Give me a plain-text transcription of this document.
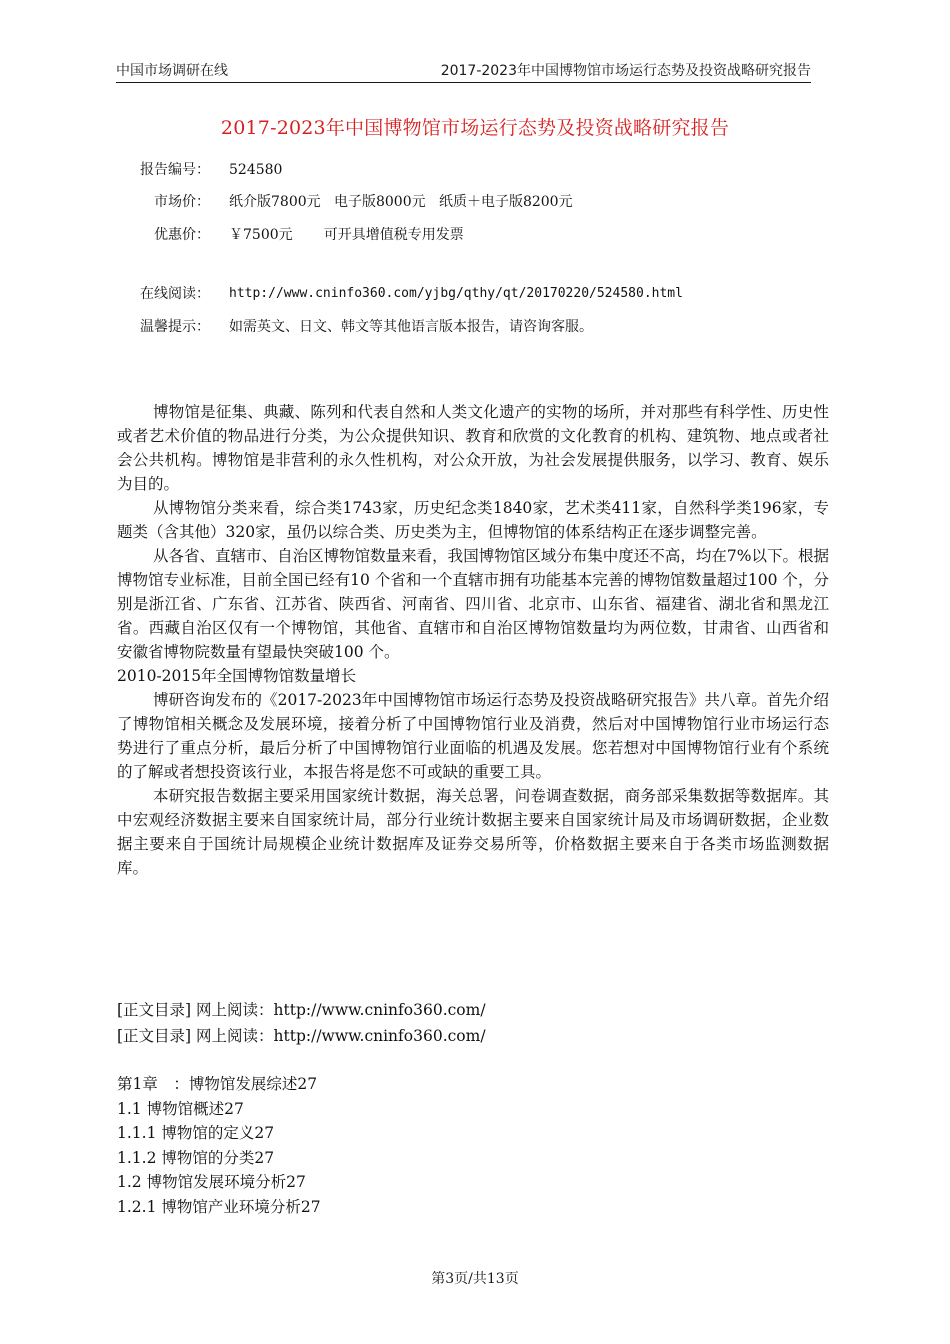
中国市场调研在线	2017-2023年中国博物馆市场运行态势及投资战略研究报告
2017-2023年中国博物馆市场运行态势及投资战略研究报告
报告编号： 524580
市场价： 纸介版7800元   电子版8000元   纸质＋电子版8200元
优惠价： ￥7500元       可开具增值税专用发票
在线阅读： http://www.cninfo360.com/yjbg/qthy/qt/20170220/524580.html
温馨提示： 如需英文、日文、韩文等其他语言版本报告，请咨询客服。

博物馆是征集、典藏、陈列和代表自然和人类文化遗产的实物的场所，并对那些有科学性、历史性或者艺术价值的物品进行分类，为公众提供知识、教育和欣赏的文化教育的机构、建筑物、地点或者社会公共机构。博物馆是非营利的永久性机构，对公众开放，为社会发展提供服务，以学习、教育、娱乐为目的。

从博物馆分类来看，综合类1743家，历史纪念类1840家，艺术类411家，自然科学类196家，专题类（含其他）320家，虽仍以综合类、历史类为主，但博物馆的体系结构正在逐步调整完善。

从各省、直辖市、自治区博物馆数量来看，我国博物馆区域分布集中度还不高，均在7%以下。根据博物馆专业标准，目前全国已经有10 个省和一个直辖市拥有功能基本完善的博物馆数量超过100 个，分别是浙江省、广东省、江苏省、陕西省、河南省、四川省、北京市、山东省、福建省、湖北省和黑龙江省。西藏自治区仅有一个博物馆，其他省、直辖市和自治区博物馆数量均为两位数，甘肃省、山西省和安徽省博物院数量有望最快突破100 个。

2010-2015年全国博物馆数量增长

博研咨询发布的《2017-2023年中国博物馆市场运行态势及投资战略研究报告》共八章。首先介绍了博物馆相关概念及发展环境，接着分析了中国博物馆行业及消费，然后对中国博物馆行业市场运行态势进行了重点分析，最后分析了中国博物馆行业面临的机遇及发展。您若想对中国博物馆行业有个系统的了解或者想投资该行业，本报告将是您不可或缺的重要工具。

本研究报告数据主要采用国家统计数据，海关总署，问卷调查数据，商务部采集数据等数据库。其中宏观经济数据主要来自国家统计局，部分行业统计数据主要来自国家统计局及市场调研数据，企业数据主要来自于国统计局规模企业统计数据库及证券交易所等，价格数据主要来自于各类市场监测数据库。

[正文目录] 网上阅读：http://www.cninfo360.com/
[正文目录] 网上阅读：http://www.cninfo360.com/
第1章　：博物馆发展综述27
1.1 博物馆概述27
1.1.1 博物馆的定义27
1.1.2 博物馆的分类27
1.2 博物馆发展环境分析27
1.2.1 博物馆产业环境分析27
第3页/共13页
